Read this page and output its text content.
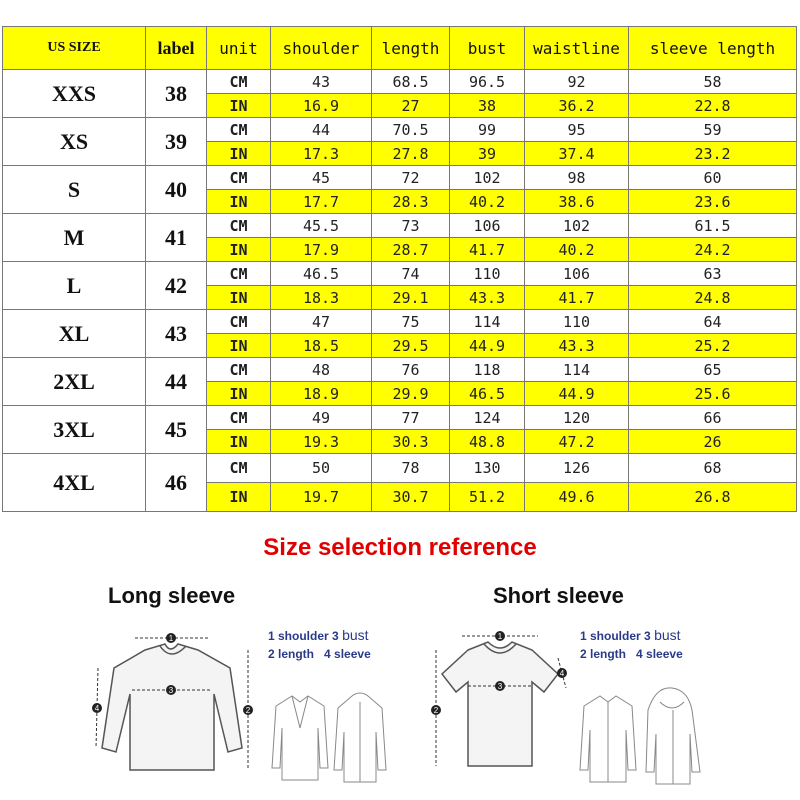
US SIZE	label	unit	shoulder	length	bust	waistline	sleeve length
XXS	38	CM	43	68.5	96.5	92	58
		IN	16.9	27	38	36.2	22.8
XS	39	CM	44	70.5	99	95	59
		IN	17.3	27.8	39	37.4	23.2
S	40	CM	45	72	102	98	60
		IN	17.7	28.3	40.2	38.6	23.6
M	41	CM	45.5	73	106	102	61.5
		IN	17.9	28.7	41.7	40.2	24.2
L	42	CM	46.5	74	110	106	63
		IN	18.3	29.1	43.3	41.7	24.8
XL	43	CM	47	75	114	110	64
		IN	18.5	29.5	44.9	43.3	25.2
2XL	44	CM	48	76	118	114	65
		IN	18.9	29.9	46.5	44.9	25.6
3XL	45	CM	49	77	124	120	66
		IN	19.3	30.3	48.8	47.2	26
4XL	46	CM	50	78	130	126	68
		IN	19.7	30.7	51.2	49.6	26.8
Size selection reference
Long sleeve	Short sleeve
1 shoulder 3 bust
2 length 4 sleeve
1 shoulder 3 bust
2 length 4 sleeve
1
3
2
4
1
3
2
4
